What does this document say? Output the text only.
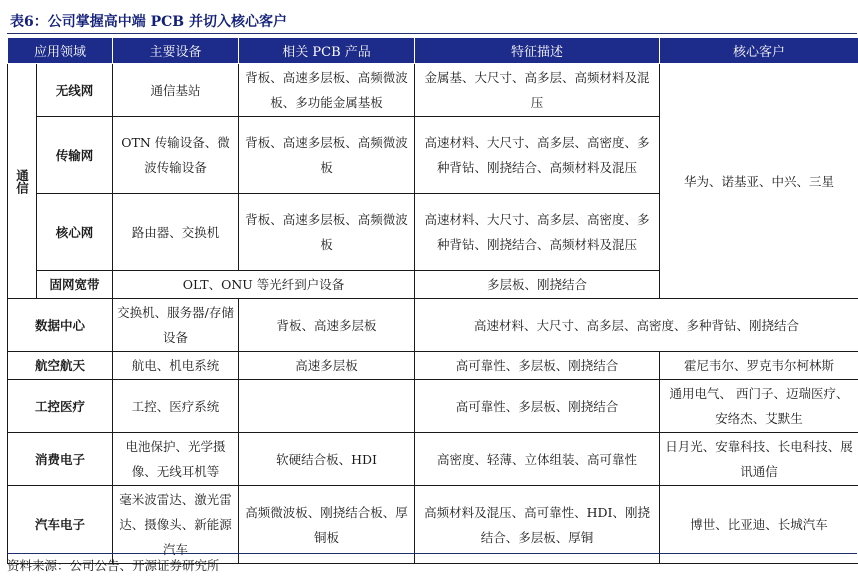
表6：公司掌握高中端 PCB 并切入核心客户
应用领域		主要设备	相关 PCB 产品	特征描述	核心客户
通信	无线网	通信基站	背板、高速多层板、高频微波板、多功能金属基板	金属基、大尺寸、高多层、高频材料及混压	华为、诺基亚、中兴、三星
	传输网	OTN 传输设备、微波传输设备	背板、高速多层板、高频微波板	高速材料、大尺寸、高多层、高密度、多种背钻、刚挠结合、高频材料及混压	
	核心网	路由器、交换机	背板、高速多层板、高频微波板	高速材料、大尺寸、高多层、高密度、多种背钻、刚挠结合、高频材料及混压	
	固网宽带	OLT、ONU 等光纤到户设备		多层板、刚挠结合	
数据中心		交换机、服务器/存储设备	背板、高速多层板	高速材料、大尺寸、高多层、高密度、多种背钻、刚挠结合	
航空航天		航电、机电系统	高速多层板	高可靠性、多层板、刚挠结合	霍尼韦尔、罗克韦尔柯林斯
工控医疗		工控、医疗系统		高可靠性、多层板、刚挠结合	通用电气、 西门子、迈瑞医疗、安络杰、艾默生
消费电子		电池保护、光学摄像、无线耳机等	软硬结合板、HDI	高密度、轻薄、立体组装、高可靠性	日月光、安靠科技、长电科技、展讯通信
汽车电子		毫米波雷达、激光雷达、摄像头、新能源汽车	高频微波板、刚挠结合板、厚铜板	高频材料及混压、高可靠性、HDI、刚挠结合、多层板、厚铜	博世、比亚迪、长城汽车
资料来源：公司公告、开源证券研究所
